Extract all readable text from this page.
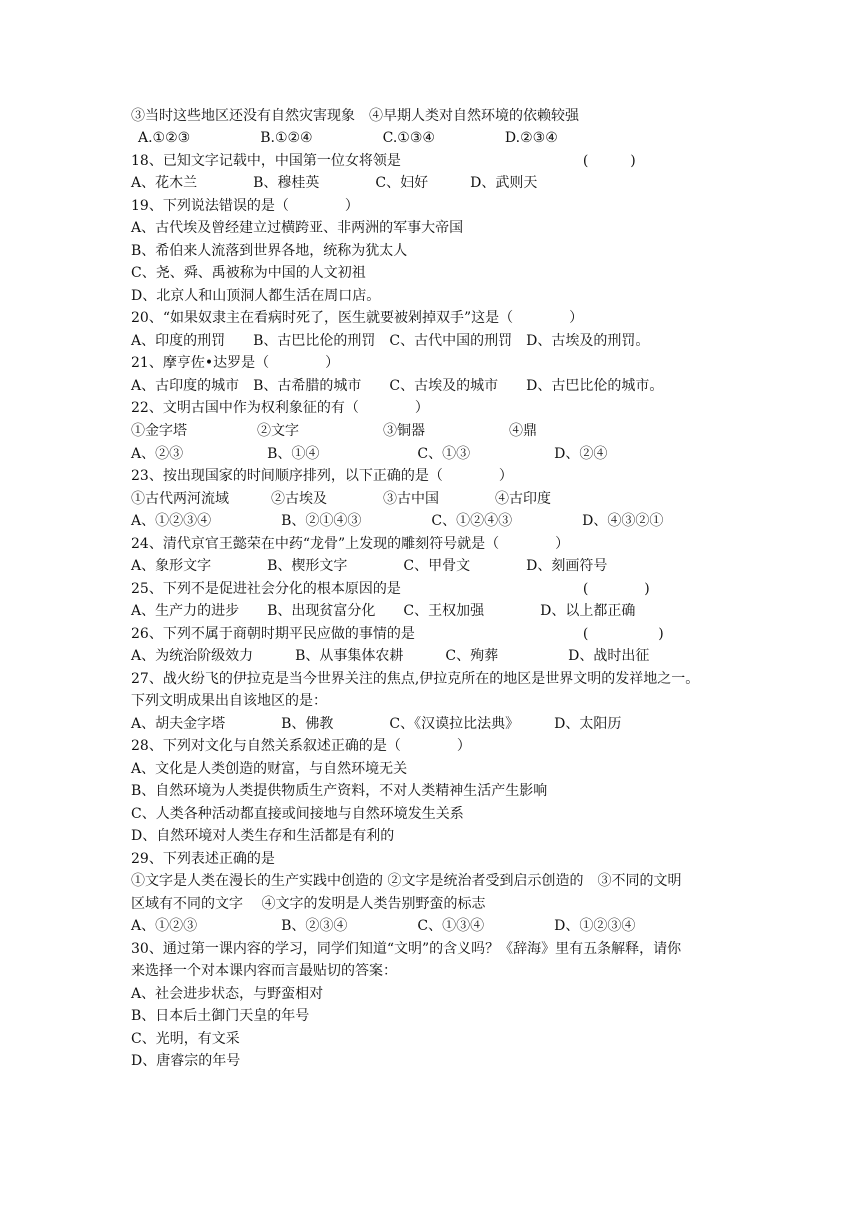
③当时这些地区还没有自然灾害现象　④早期人类对自然环境的依赖较强
A.①②③　　　　　B.①②④　　　　　C.①③④　　　　　D.②③④
18、已知文字记载中，中国第一位女将领是　　　　　　　　　　　　　(　　　)
A、花木兰　　　　B、穆桂英　　　　C、妇好　　　D、武则天
19、下列说法错误的是（　　　　）
A、古代埃及曾经建立过横跨亚、非两洲的军事大帝国
B、希伯来人流落到世界各地，统称为犹太人
C、尧、舜、禹被称为中国的人文初祖
D、北京人和山顶洞人都生活在周口店。
20、“如果奴隶主在看病时死了，医生就要被剁掉双手”这是（　　　　）
A、印度的刑罚　　B、古巴比伦的刑罚　C、古代中国的刑罚　D、古埃及的刑罚。
21、摩亨佐•达罗是（　　　　）
A、古印度的城市　B、古希腊的城市　　C、古埃及的城市　　D、古巴比伦的城市。
22、文明古国中作为权利象征的有（　　　　）
①金字塔　　　　　②文字　　　　　　③铜器　　　　　　④鼎
A、②③　　　　　　B、①④　　　　　　　C、①③　　　　　　D、②④
23、按出现国家的时间顺序排列，以下正确的是（　　　　）
①古代两河流域　　　②古埃及　　　　③古中国　　　　④古印度
A、①②③④　　　　　B、②①④③　　　　　C、①②④③　　　　　D、④③②①
24、清代京官王懿荣在中药“龙骨”上发现的雕刻符号就是（　　　　）
A、象形文字　　　　B、楔形文字　　　　C、甲骨文　　　　D、刻画符号
25、下列不是促进社会分化的根本原因的是　　　　　　　　　　　　　(　　　　)
A、生产力的进步　　B、出现贫富分化　　C、王权加强　　　　D、以上都正确
26、下列不属于商朝时期平民应做的事情的是　　　　　　　　　　　　(　　　　　)
A、为统治阶级效力　　　B、从事集体农耕　　　C、殉葬　　　　　D、战时出征
27、战火纷飞的伊拉克是当今世界关注的焦点,伊拉克所在的地区是世界文明的发祥地之一。
下列文明成果出自该地区的是：
A、胡夫金字塔　　　　B、佛教　　　　C、《汉谟拉比法典》　　　D、太阳历
28、下列对文化与自然关系叙述正确的是（　　　　）
A、文化是人类创造的财富，与自然环境无关
B、自然环境为人类提供物质生产资料，不对人类精神生活产生影响
C、人类各种活动都直接或间接地与自然环境发生关系
D、自然环境对人类生存和生活都是有利的
29、下列表述正确的是
①文字是人类在漫长的生产实践中创造的 ②文字是统治者受到启示创造的　③不同的文明
区域有不同的文字　 ④文字的发明是人类告别野蛮的标志
A、①②③　　　　　　B、②③④　　　　　C、①③④　　　　　D、①②③④
30、通过第一课内容的学习，同学们知道“文明”的含义吗？《辞海》里有五条解释，请你
来选择一个对本课内容而言最贴切的答案：
A、社会进步状态，与野蛮相对
B、日本后土御门天皇的年号
C、光明，有文采
D、唐睿宗的年号
